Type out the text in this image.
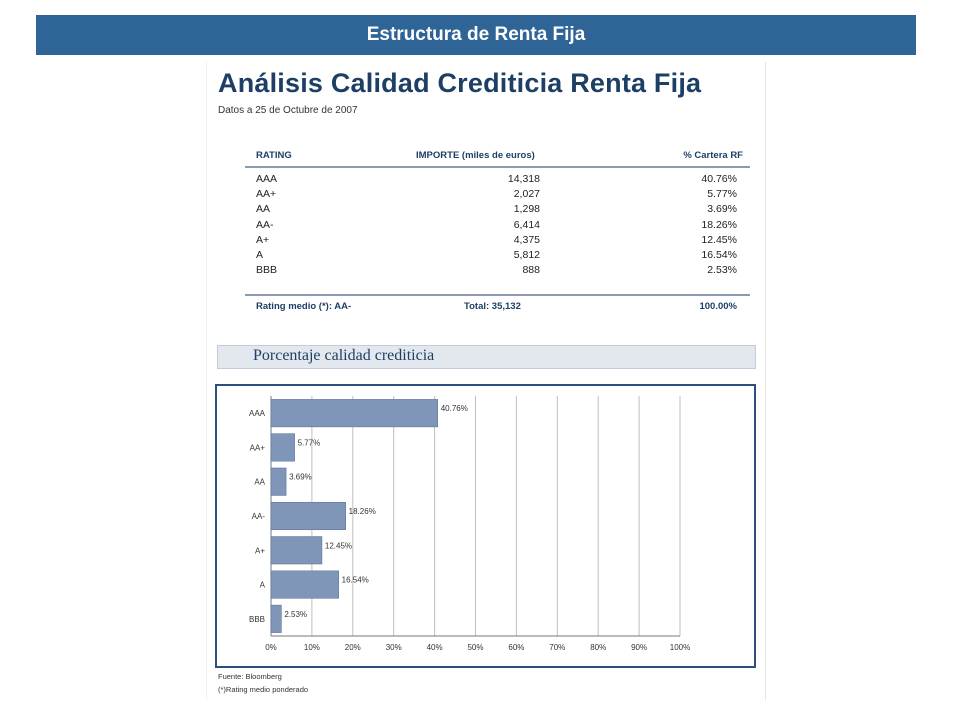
Estructura de Renta Fija
Análisis Calidad Crediticia Renta Fija
Datos a 25 de Octubre de 2007
Porcentaje calidad crediticia
0%	10%	20%	30%	40%	50%	60%	70%	80%	90%	100%
AAA
40.76%
AA+
5.77%
AA
3.69%
AA-
18.26%
A+
12.45%
A
16.54%
BBB
2.53%
Fuente: Bloomberg
(*)Rating medio ponderado
RATING	IMPORTE (miles de euros)	% Cartera RF
AAA	14,318	40.76%
AA+	2,027	5.77%
AA	1,298	3.69%
AA-	6,414	18.26%
A+	4,375	12.45%
A	5,812	16.54%
BBB	888	2.53%
Rating medio (*): AA-	Total: 35,132	100.00%
